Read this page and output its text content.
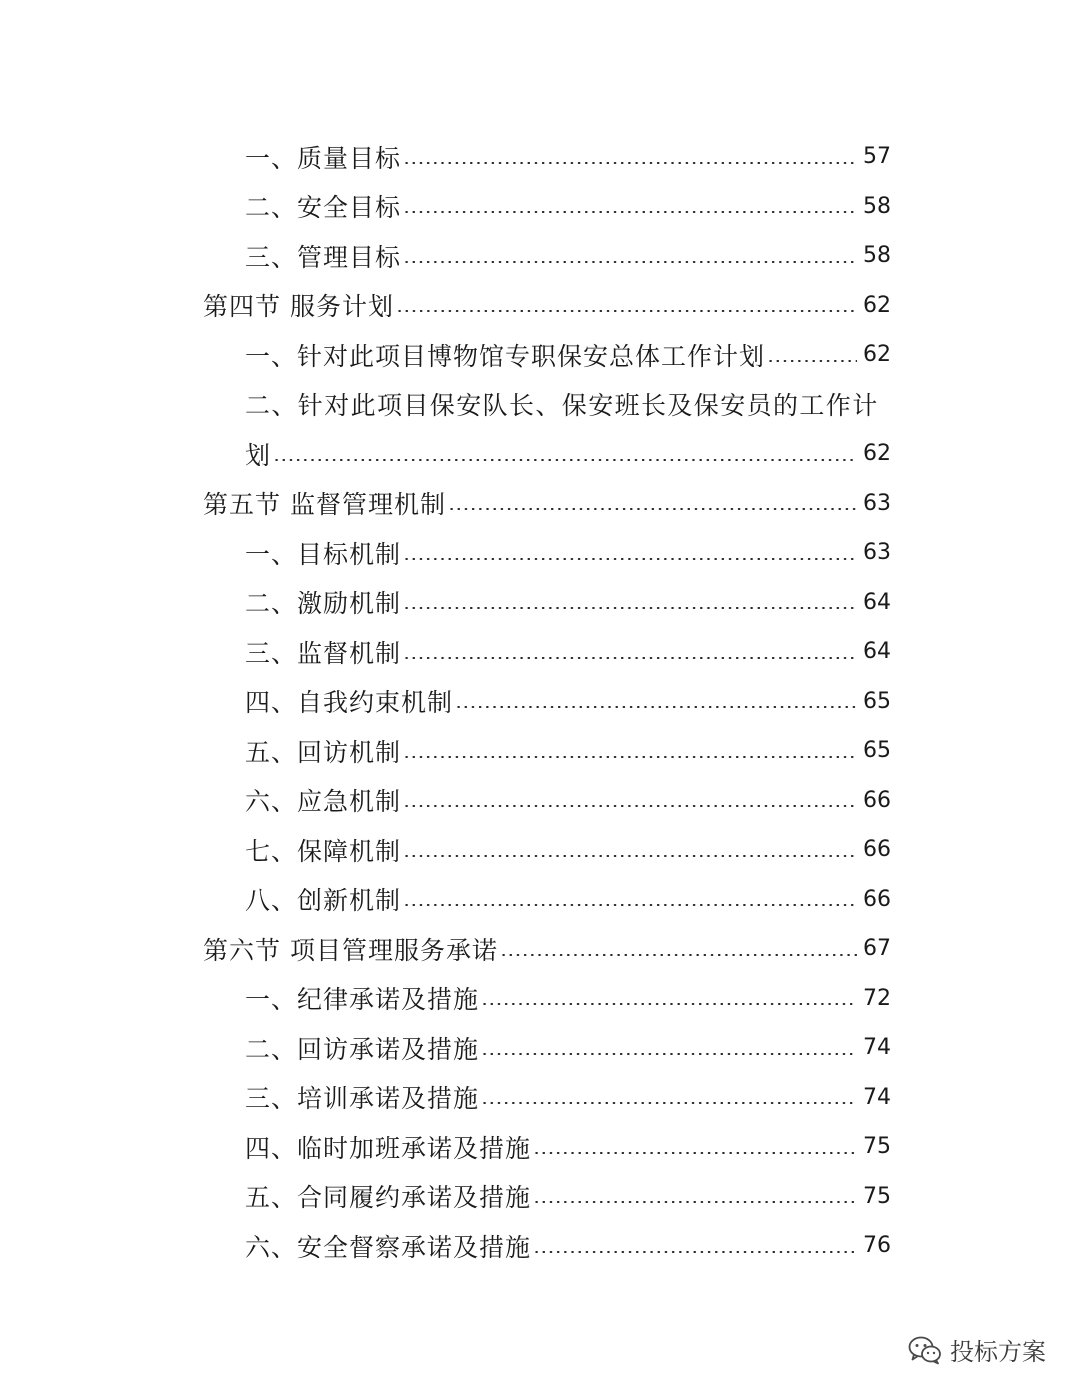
一、质量目标	57
二、安全目标	58
三、管理目标	58
第四节 服务计划	62
一、针对此项目博物馆专职保安总体工作计划	62
二、针对此项目保安队长、保安班长及保安员的工作计
划	62
第五节 监督管理机制	63
一、目标机制	63
二、激励机制	64
三、监督机制	64
四、自我约束机制	65
五、回访机制	65
六、应急机制	66
七、保障机制	66
八、创新机制	66
第六节 项目管理服务承诺	67
一、纪律承诺及措施	72
二、回访承诺及措施	74
三、培训承诺及措施	74
四、临时加班承诺及措施	75
五、合同履约承诺及措施	75
六、安全督察承诺及措施	76
投标方案
